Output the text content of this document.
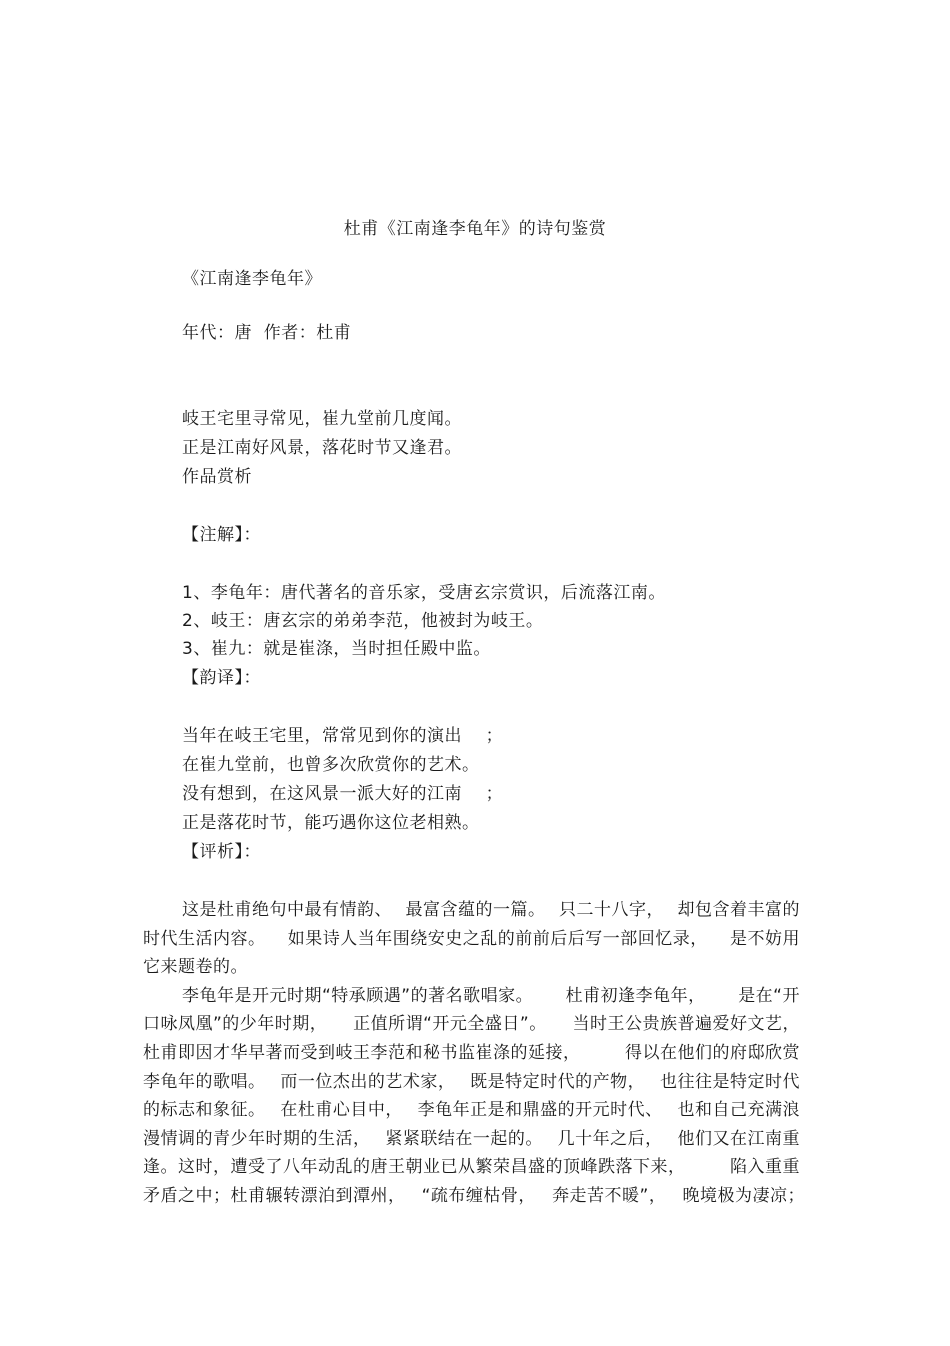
杜甫《江南逢李龟年》的诗句鉴赏
《江南逢李龟年》
年代：唐  作者：杜甫
岐王宅里寻常见，崔九堂前几度闻。
正是江南好风景，落花时节又逢君。
作品赏析
【注解】：
1、李龟年：唐代著名的音乐家，受唐玄宗赏识，后流落江南。
2、岐王：唐玄宗的弟弟李范，他被封为岐王。
3、崔九：就是崔涤，当时担任殿中监。
【韵译】：
当年在岐王宅里，常常见到你的演出    ；
在崔九堂前，也曾多次欣赏你的艺术。
没有想到，在这风景一派大好的江南    ；
正是落花时节，能巧遇你这位老相熟。
【评析】：
这是杜甫绝句中最有情韵、 最富含蕴的一篇。 只二十八字， 却包含着丰富的
时代生活内容。 如果诗人当年围绕安史之乱的前前后后写一部回忆录， 是不妨用
它来题卷的。
李龟年是开元时期“特承顾遇”的著名歌唱家。 杜甫初逢李龟年， 是在“开
口咏凤凰”的少年时期， 正值所谓“开元全盛日”。 当时王公贵族普遍爱好文艺，
杜甫即因才华早著而受到岐王李范和秘书监崔涤的延接，	得以在他们的府邸欣赏
李龟年的歌唱。 而一位杰出的艺术家， 既是特定时代的产物， 也往往是特定时代
的标志和象征。 在杜甫心目中， 李龟年正是和鼎盛的开元时代、 也和自己充满浪
漫情调的青少年时期的生活， 紧紧联结在一起的。 几十年之后， 他们又在江南重
逢。这时，遭受了八年动乱的唐王朝业已从繁荣昌盛的顶峰跌落下来，	陷入重重
矛盾之中；杜甫辗转漂泊到潭州， “疏布缠枯骨， 奔走苦不暖”， 晚境极为凄凉；
